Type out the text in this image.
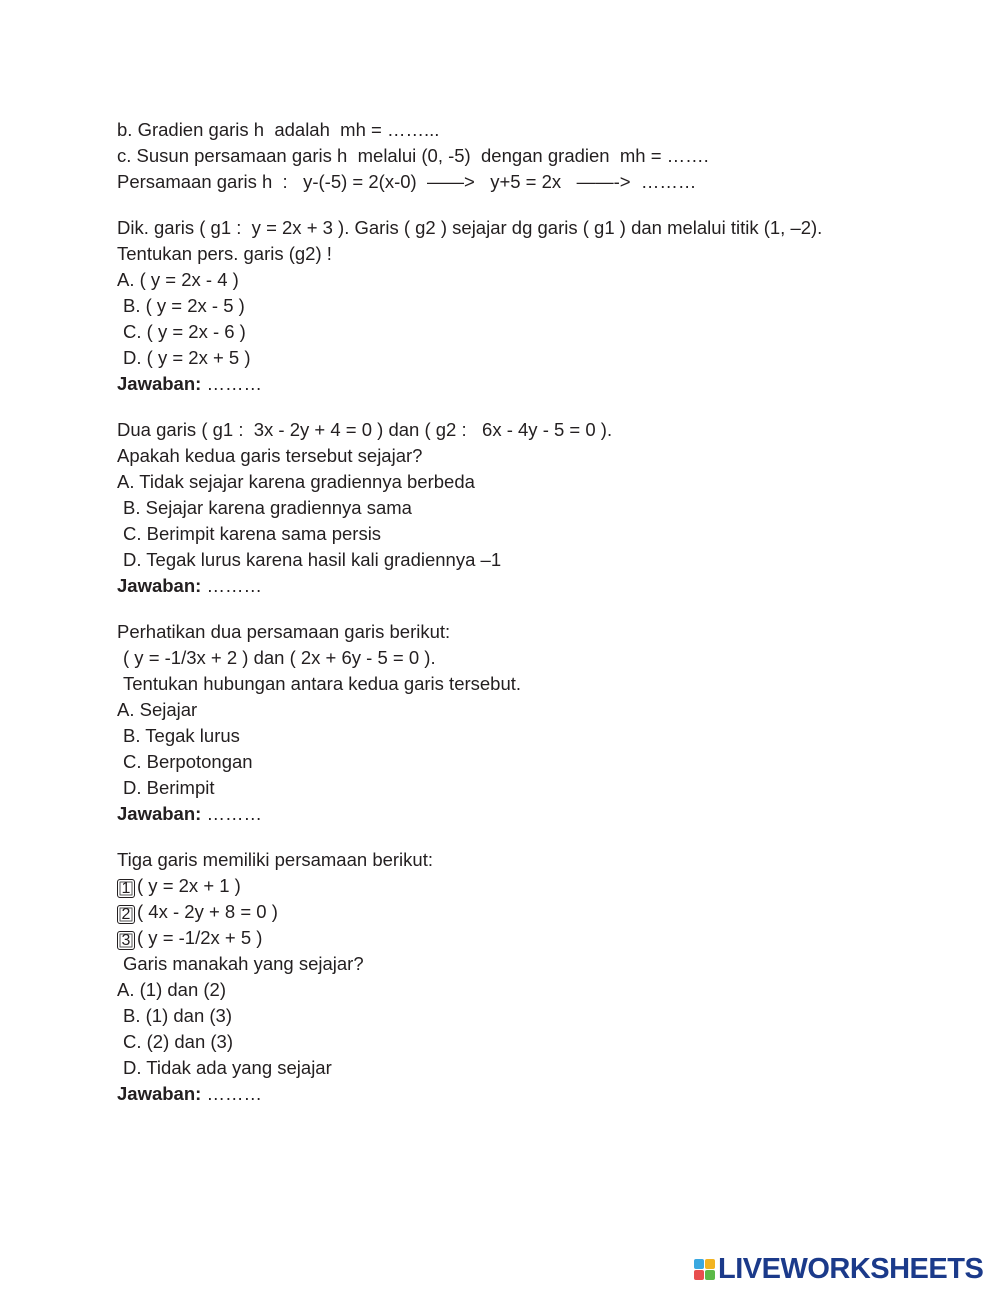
b. Gradien garis h  adalah  mh = ……...
c. Susun persamaan garis h  melalui (0, -5)  dengan gradien  mh = …….
Persamaan garis h  :   y-(-5) = 2(x-0)  ——>   y+5 = 2x   ——->  ………
Dik. garis ( g1 :  y = 2x + 3 ). Garis ( g2 ) sejajar dg garis ( g1 ) dan melalui titik (1, –2).
Tentukan pers. garis (g2) !
A. ( y = 2x - 4 )
B. ( y = 2x - 5 )
C. ( y = 2x - 6 )
D. ( y = 2x + 5 )
Jawaban: ………
Dua garis ( g1 :  3x - 2y + 4 = 0 ) dan ( g2 :   6x - 4y - 5 = 0 ).
Apakah kedua garis tersebut sejajar?
A. Tidak sejajar karena gradiennya berbeda
B. Sejajar karena gradiennya sama
C. Berimpit karena sama persis
D. Tegak lurus karena hasil kali gradiennya –1
Jawaban: ………
Perhatikan dua persamaan garis berikut:
( y = -1/3x + 2 ) dan ( 2x + 6y - 5 = 0 ).
Tentukan hubungan antara kedua garis tersebut.
A. Sejajar
B. Tegak lurus
C. Berpotongan
D. Berimpit
Jawaban: ………
Tiga garis memiliki persamaan berikut:
1 ( y = 2x + 1 )
2 ( 4x - 2y + 8 = 0 )
3 ( y = -1/2x + 5 )
Garis manakah yang sejajar?
A. (1) dan (2)
B. (1) dan (3)
C. (2) dan (3)
D. Tidak ada yang sejajar
Jawaban: ………
LIVEWORKSHEETS
